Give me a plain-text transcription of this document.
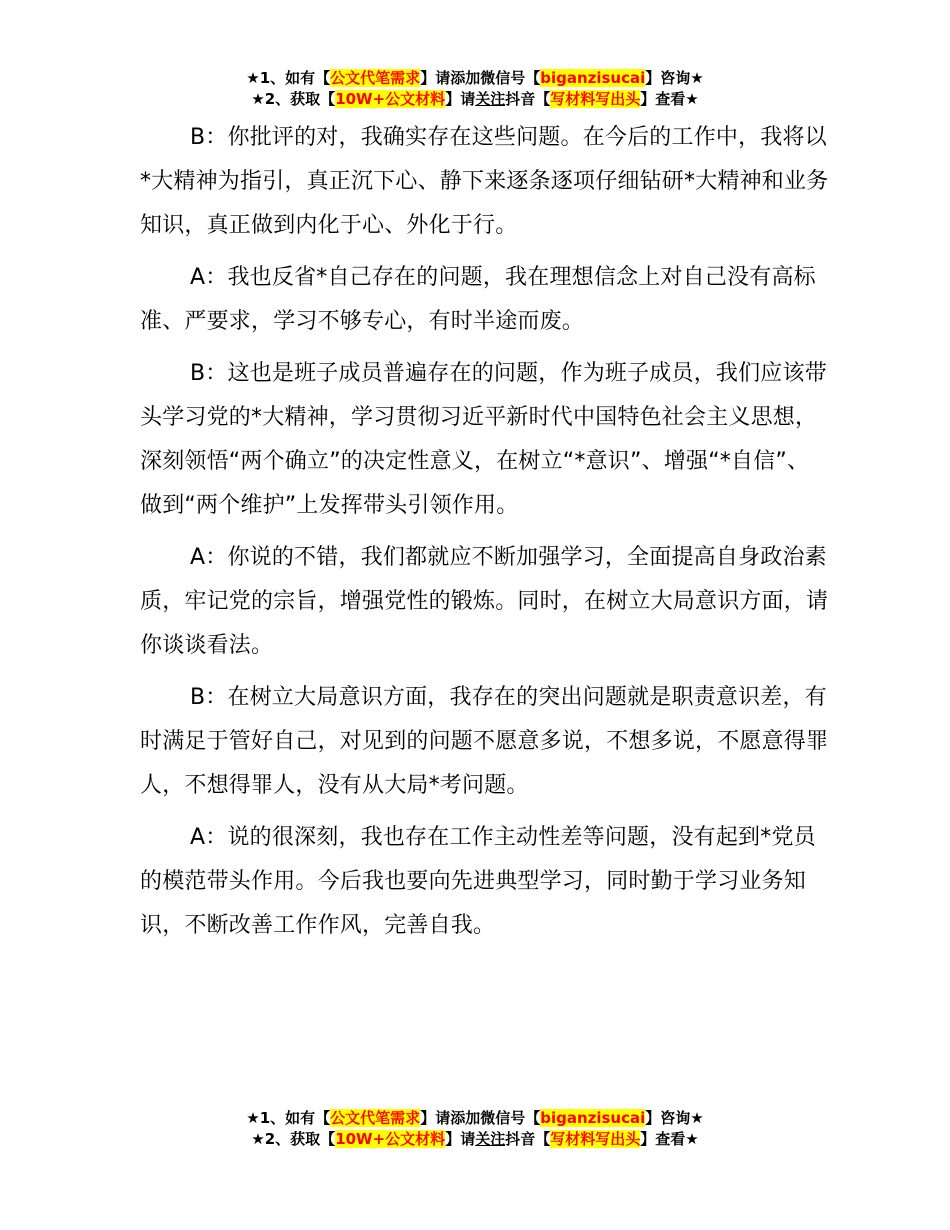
★1、如有【公文代笔需求】请添加微信号【biganzisucai】咨询★
★2、获取【10W+公文材料】请关注抖音【写材料写出头】查看★

B：你批评的对，我确实存在这些问题。在今后的工作中，我将以*大精神为指引，真正沉下心、静下来逐条逐项仔细钻研*大精神和业务知识，真正做到内化于心、外化于行。

A：我也反省*自己存在的问题，我在理想信念上对自己没有高标准、严要求，学习不够专心，有时半途而废。

B：这也是班子成员普遍存在的问题，作为班子成员，我们应该带头学习党的*大精神，学习贯彻习近平新时代中国特色社会主义思想，深刻领悟“两个确立”的决定性意义，在树立“*意识”、增强“*自信”、做到“两个维护”上发挥带头引领作用。

A：你说的不错，我们都就应不断加强学习，全面提高自身政治素质，牢记党的宗旨，增强党性的锻炼。同时，在树立大局意识方面，请你谈谈看法。

B：在树立大局意识方面，我存在的突出问题就是职责意识差，有时满足于管好自己，对见到的问题不愿意多说，不想多说，不愿意得罪人，不想得罪人，没有从大局*考问题。

A：说的很深刻，我也存在工作主动性差等问题，没有起到*党员的模范带头作用。今后我也要向先进典型学习，同时勤于学习业务知识，不断改善工作作风，完善自我。

★1、如有【公文代笔需求】请添加微信号【biganzisucai】咨询★
★2、获取【10W+公文材料】请关注抖音【写材料写出头】查看★
